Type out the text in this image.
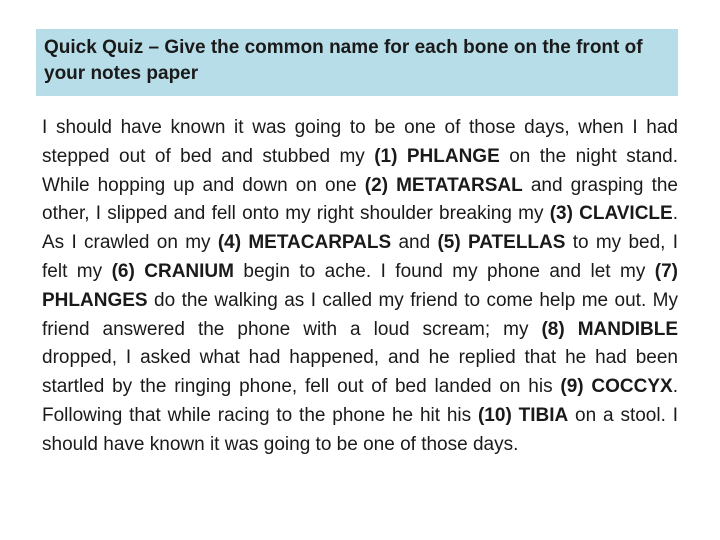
Quick Quiz – Give the common name for each bone on the front of your notes paper
I should have known it was going to be one of those days, when I had stepped out of bed and stubbed my (1) PHLANGE on the night stand. While hopping up and down on one (2) METATARSAL and grasping the other, I slipped and fell onto my right shoulder breaking my (3) CLAVICLE. As I crawled on my (4) METACARPALS and (5) PATELLAS to my bed, I felt my (6) CRANIUM begin to ache. I found my phone and let my (7) PHLANGES do the walking as I called my friend to come help me out. My friend answered the phone with a loud scream; my (8) MANDIBLE dropped, I asked what had happened, and he replied that he had been startled by the ringing phone, fell out of bed landed on his (9) COCCYX. Following that while racing to the phone he hit his (10) TIBIA on a stool. I should have known it was going to be one of those days.
